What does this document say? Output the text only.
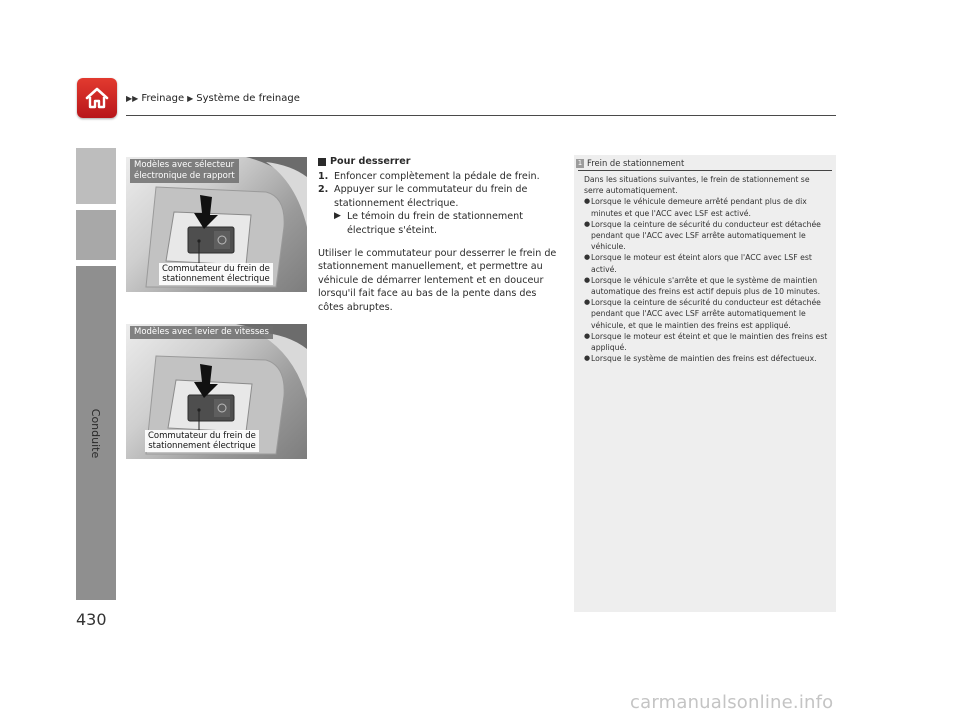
▶▶ Freinage ▶ Système de freinage
Conduite
430
Modèles avec sélecteur
électronique de rapport
Commutateur du frein de
stationnement électrique
Modèles avec levier de vitesses
Commutateur du frein de
stationnement électrique
Pour desserrer
1. Enfoncer complètement la pédale de frein.
2. Appuyer sur le commutateur du frein de stationnement électrique.
▶ Le témoin du frein de stationnement électrique s'éteint.
Utiliser le commutateur pour desserrer le frein de stationnement manuellement, et permettre au véhicule de démarrer lentement et en douceur lorsqu'il fait face au bas de la pente dans des côtes abruptes.
1 Frein de stationnement
Dans les situations suivantes, le frein de stationnement se serre automatiquement.
● Lorsque le véhicule demeure arrêté pendant plus de dix minutes et que l'ACC avec LSF est activé.
● Lorsque la ceinture de sécurité du conducteur est détachée pendant que l'ACC avec LSF arrête automatiquement le véhicule.
● Lorsque le moteur est éteint alors que l'ACC avec LSF est activé.
● Lorsque le véhicule s'arrête et que le système de maintien automatique des freins est actif depuis plus de 10 minutes.
● Lorsque la ceinture de sécurité du conducteur est détachée pendant que l'ACC avec LSF arrête automatiquement le véhicule, et que le maintien des freins est appliqué.
● Lorsque le moteur est éteint et que le maintien des freins est appliqué.
● Lorsque le système de maintien des freins est défectueux.
carmanualsonline.info
